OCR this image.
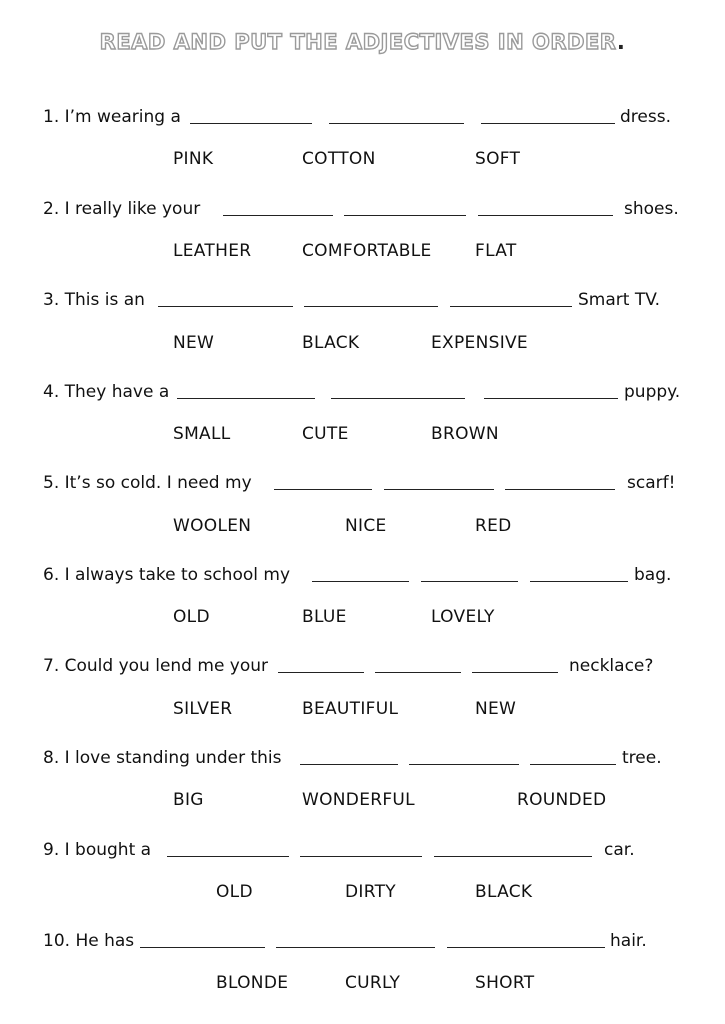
READ AND PUT THE ADJECTIVES IN ORDER.
1. I’m wearing a	dress.
PINK	COTTON	SOFT
2. I really like your	shoes.
LEATHER	COMFORTABLE	FLAT
3. This is an	Smart TV.
NEW	BLACK	EXPENSIVE
4. They have a	puppy.
SMALL	CUTE	BROWN
5. It’s so cold. I need my	scarf!
WOOLEN	NICE	RED
6. I always take to school my	bag.
OLD	BLUE	LOVELY
7. Could you lend me your	necklace?
SILVER	BEAUTIFUL	NEW
8. I love standing under this	tree.
BIG	WONDERFUL	ROUNDED
9. I bought a	car.
OLD	DIRTY	BLACK
10. He has	hair.
BLONDE	CURLY	SHORT
